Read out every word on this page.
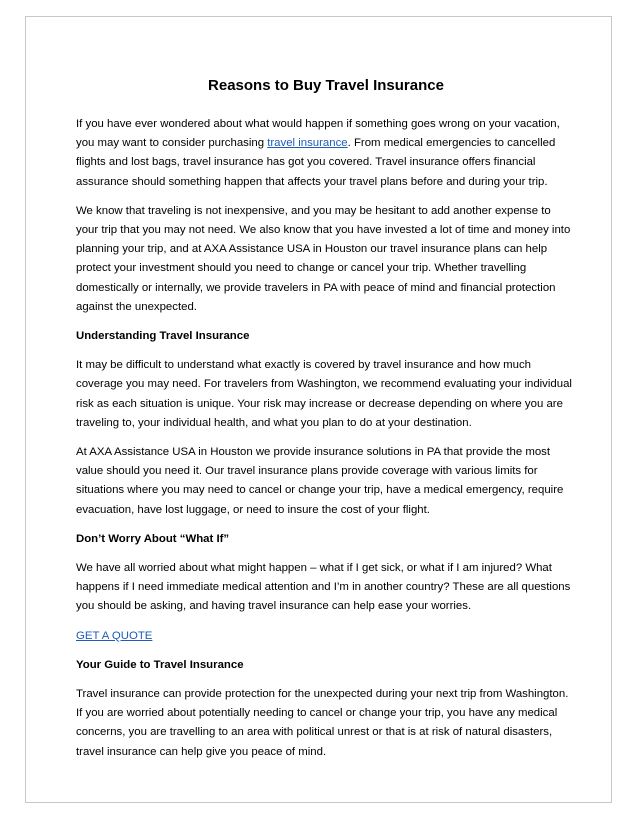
Reasons to Buy Travel Insurance

If you have ever wondered about what would happen if something goes wrong on your vacation, you may want to consider purchasing travel insurance. From medical emergencies to cancelled flights and lost bags, travel insurance has got you covered. Travel insurance offers financial assurance should something happen that affects your travel plans before and during your trip.

We know that traveling is not inexpensive, and you may be hesitant to add another expense to your trip that you may not need. We also know that you have invested a lot of time and money into planning your trip, and at AXA Assistance USA in Houston our travel insurance plans can help protect your investment should you need to change or cancel your trip. Whether travelling domestically or internally, we provide travelers in PA with peace of mind and financial protection against the unexpected.

Understanding Travel Insurance

It may be difficult to understand what exactly is covered by travel insurance and how much coverage you may need. For travelers from Washington, we recommend evaluating your individual risk as each situation is unique. Your risk may increase or decrease depending on where you are traveling to, your individual health, and what you plan to do at your destination.

At AXA Assistance USA in Houston we provide insurance solutions in PA that provide the most value should you need it. Our travel insurance plans provide coverage with various limits for situations where you may need to cancel or change your trip, have a medical emergency, require evacuation, have lost luggage, or need to insure the cost of your flight.

Don’t Worry About “What If”

We have all worried about what might happen – what if I get sick, or what if I am injured? What happens if I need immediate medical attention and I’m in another country? These are all questions you should be asking, and having travel insurance can help ease your worries.

GET A QUOTE

Your Guide to Travel Insurance

Travel insurance can provide protection for the unexpected during your next trip from Washington. If you are worried about potentially needing to cancel or change your trip, you have any medical concerns, you are travelling to an area with political unrest or that is at risk of natural disasters, travel insurance can help give you peace of mind.
